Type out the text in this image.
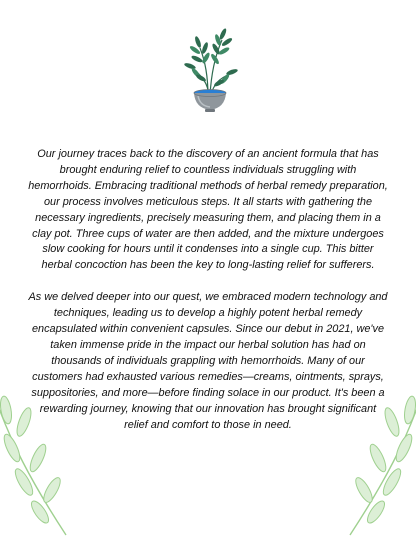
Our journey traces back to the discovery of an ancient formula that has brought enduring relief to countless individuals struggling with hemorrhoids. Embracing traditional methods of herbal remedy preparation, our process involves meticulous steps. It all starts with gathering the necessary ingredients, precisely measuring them, and placing them in a clay pot. Three cups of water are then added, and the mixture undergoes slow cooking for hours until it condenses into a single cup. This bitter herbal concoction has been the key to long-lasting relief for sufferers.

As we delved deeper into our quest, we embraced modern technology and techniques, leading us to develop a highly potent herbal remedy encapsulated within convenient capsules. Since our debut in 2021, we've taken immense pride in the impact our herbal solution has had on thousands of individuals grappling with hemorrhoids. Many of our customers had exhausted various remedies—creams, ointments, sprays, suppositories, and more—before finding solace in our product. It's been a rewarding journey, knowing that our innovation has brought significant relief and comfort to those in need.
